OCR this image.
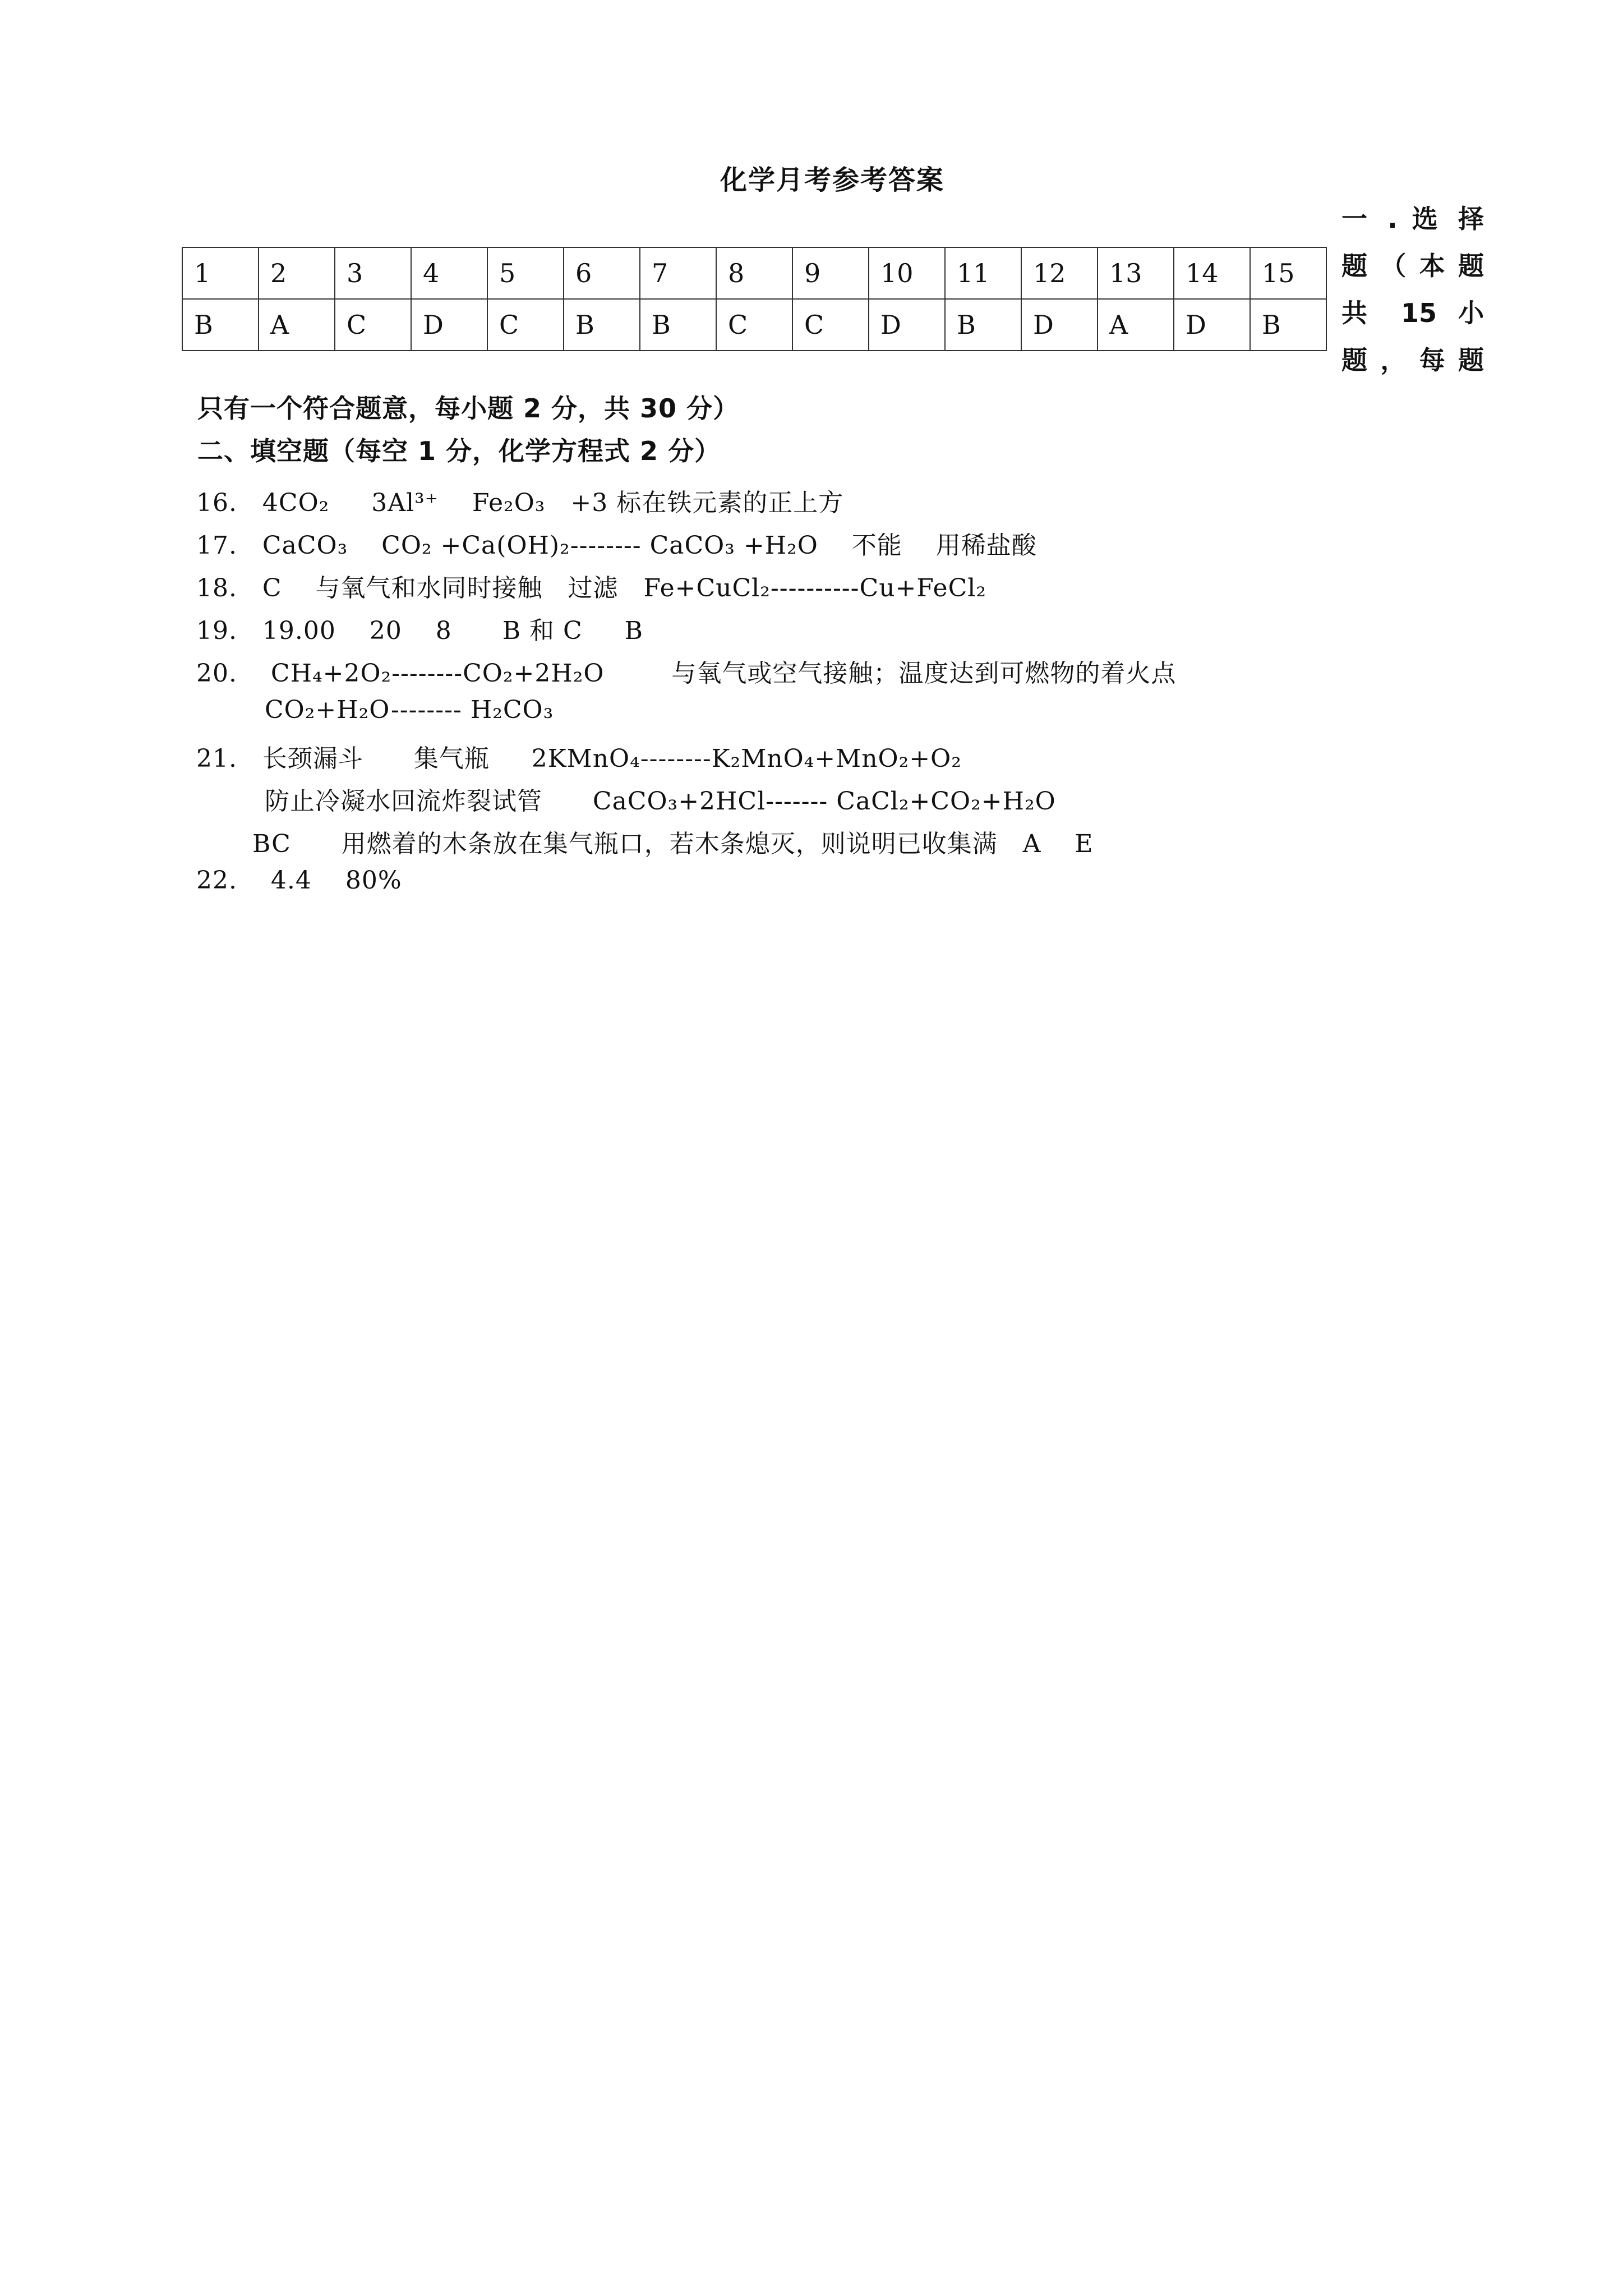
化学月考参考答案
一 . 选 择
题 （ 本 题
共 15 小
题 ， 每 题
1	2	3	4	5	6	7	8	9	10	11	12	13	14	15
B	A	C	D	C	B	B	C	C	D	B	D	A	D	B
只有一个符合题意，每小题 2 分，共 30 分）
二、填空题（每空 1 分，化学方程式 2 分）
16.   4CO₂     3Al³⁺    Fe₂O₃   +3 标在铁元素的正上方
17.   CaCO₃    CO₂ +Ca(OH)₂-------- CaCO₃ +H₂O    不能    用稀盐酸
18.   C    与氧气和水同时接触   过滤   Fe+CuCl₂----------Cu+FeCl₂
19.   19.00    20    8      B 和 C     B
20.    CH₄+2O₂--------CO₂+2H₂O        与氧气或空气接触；温度达到可燃物的着火点
CO₂+H₂O-------- H₂CO₃
21.   长颈漏斗      集气瓶     2KMnO₄--------K₂MnO₄+MnO₂+O₂
防止冷凝水回流炸裂试管      CaCO₃+2HCl------- CaCl₂+CO₂+H₂O
BC      用燃着的木条放在集气瓶口，若木条熄灭，则说明已收集满   A    E
22.    4.4    80%
